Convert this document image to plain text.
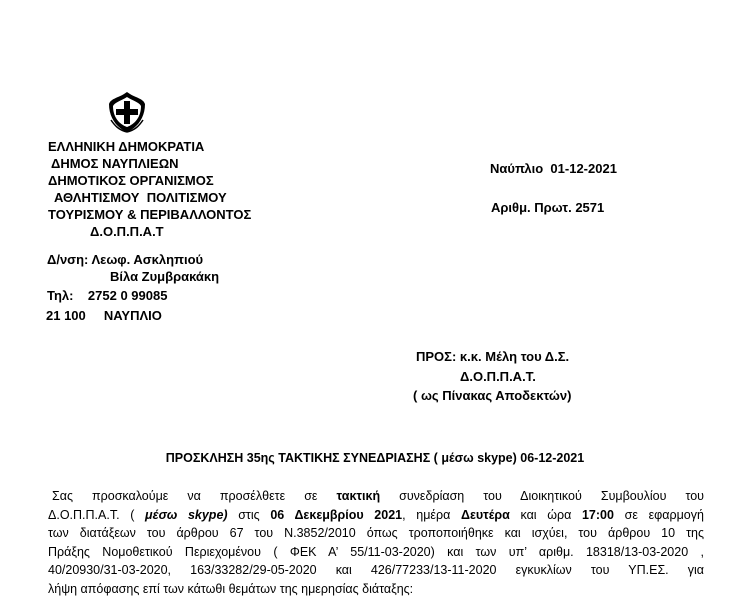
ΕΛΛΗΝΙΚΗ ΔΗΜΟΚΡΑΤΙΑ
ΔΗΜΟΣ ΝΑΥΠΛΙΕΩΝ
ΔΗΜΟΤΙΚΟΣ ΟΡΓΑΝΙΣΜΟΣ
ΑΘΛΗΤΙΣΜΟΥ  ΠΟΛΙΤΙΣΜΟΥ
ΤΟΥΡΙΣΜΟΥ & ΠΕΡΙΒΑΛΛΟΝΤΟΣ
Δ.Ο.Π.Π.Α.Τ
Δ/νση: Λεωφ. Ασκληπιού
Βίλα Ζυμβρακάκη
Τηλ:    2752 0 99085
21 100     ΝΑΥΠΛΙΟ
Ναύπλιο  01-12-2021
Αριθμ. Πρωτ. 2571
ΠΡΟΣ: κ.κ. Μέλη του Δ.Σ.
Δ.Ο.Π.Π.Α.Τ.
( ως Πίνακας Αποδεκτών)
ΠΡΟΣΚΛΗΣΗ 35ης ΤΑΚΤΙΚΗΣ ΣΥΝΕΔΡΙΑΣΗΣ ( μέσω skype) 06-12-2021
Σας προσκαλούμε να προσέλθετε σε τακτική συνεδρίαση του Διοικητικού Συμβουλίου του
Δ.Ο.Π.Π.Α.Τ. ( μέσω skype) στις 06 Δεκεμβρίου 2021, ημέρα Δευτέρα και ώρα 17:00 σε εφαρμογή
των διατάξεων του άρθρου 67 του Ν.3852/2010 όπως τροποποιήθηκε και ισχύει, του άρθρου 10 της
Πράξης Νομοθετικού Περιεχομένου ( ΦΕΚ Α’ 55/11-03-2020) και των υπ’ αριθμ. 18318/13-03-2020 ,
40/20930/31-03-2020, 163/33282/29-05-2020 και 426/77233/13-11-2020 εγκυκλίων του ΥΠ.ΕΣ. για
λήψη απόφασης επί των κάτωθι θεμάτων της ημερησίας διάταξης:
